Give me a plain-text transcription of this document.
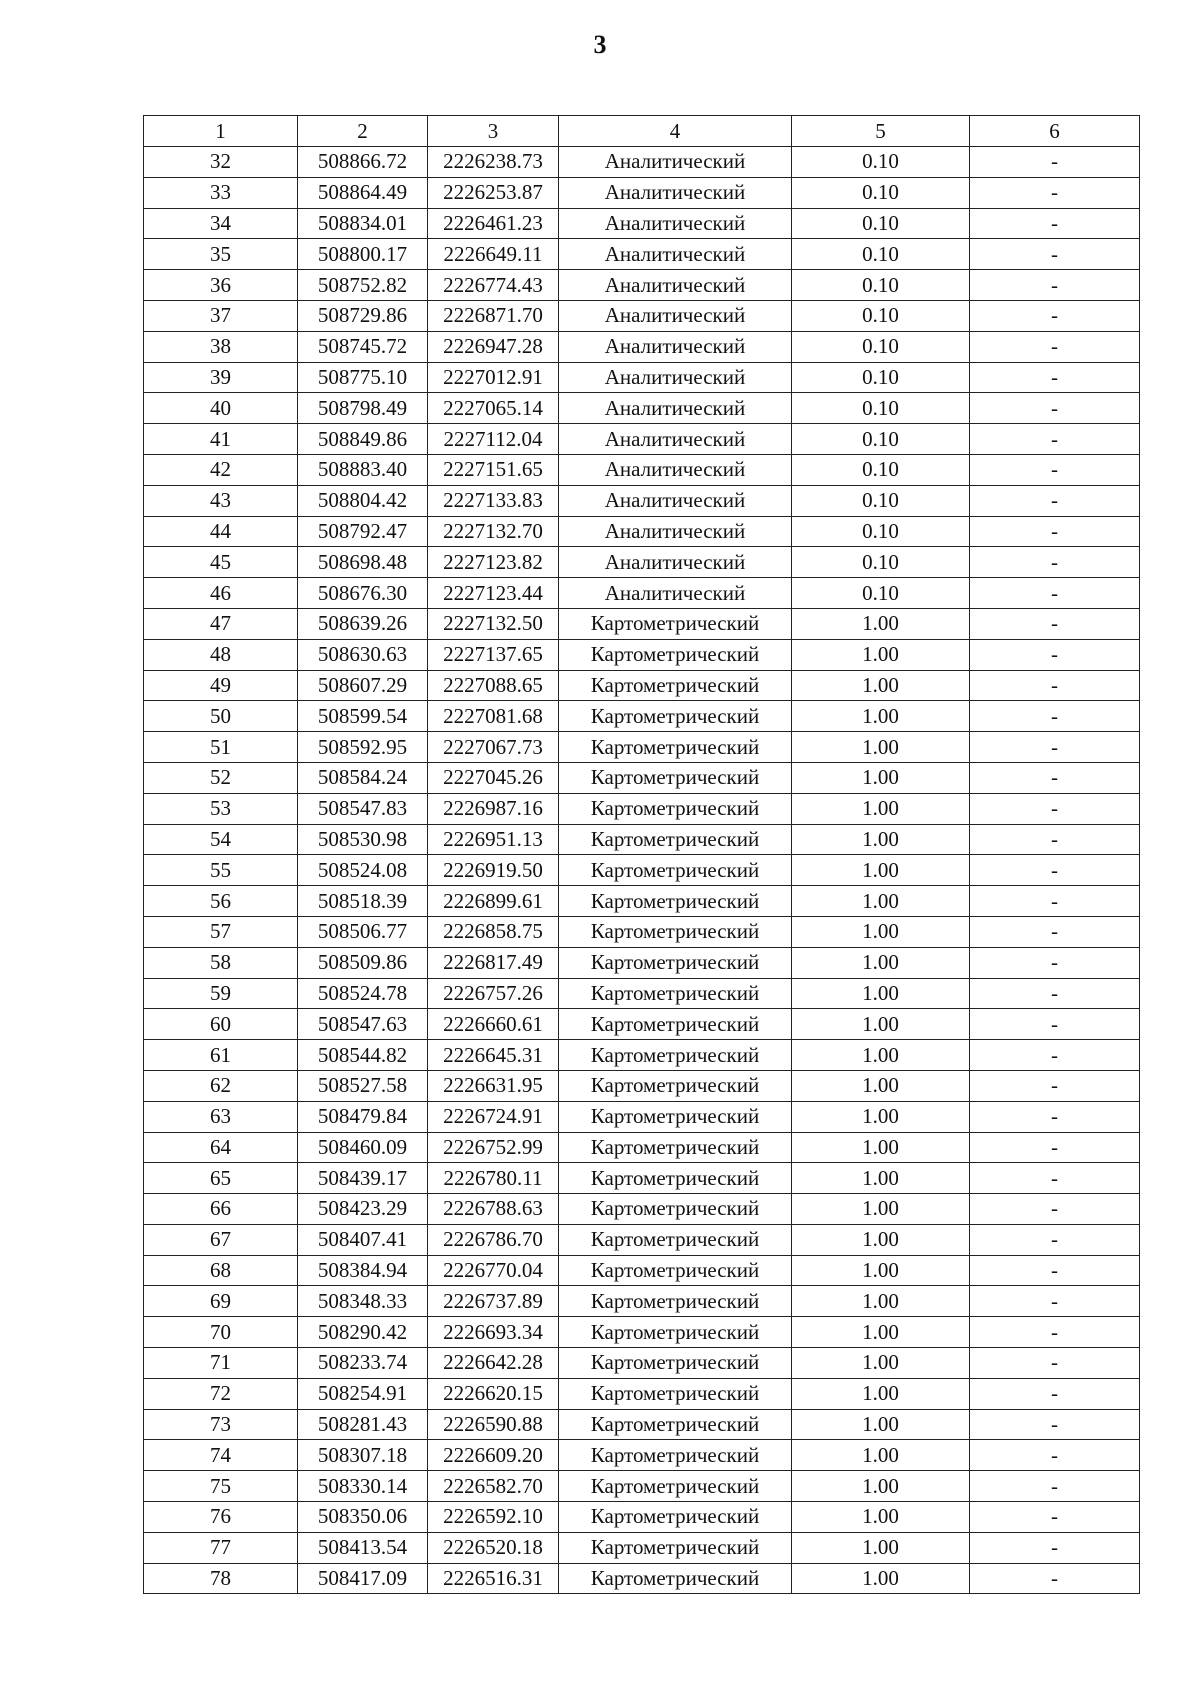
3
1	2	3	4	5	6
32	508866.72	2226238.73	Аналитический	0.10	-
33	508864.49	2226253.87	Аналитический	0.10	-
34	508834.01	2226461.23	Аналитический	0.10	-
35	508800.17	2226649.11	Аналитический	0.10	-
36	508752.82	2226774.43	Аналитический	0.10	-
37	508729.86	2226871.70	Аналитический	0.10	-
38	508745.72	2226947.28	Аналитический	0.10	-
39	508775.10	2227012.91	Аналитический	0.10	-
40	508798.49	2227065.14	Аналитический	0.10	-
41	508849.86	2227112.04	Аналитический	0.10	-
42	508883.40	2227151.65	Аналитический	0.10	-
43	508804.42	2227133.83	Аналитический	0.10	-
44	508792.47	2227132.70	Аналитический	0.10	-
45	508698.48	2227123.82	Аналитический	0.10	-
46	508676.30	2227123.44	Аналитический	0.10	-
47	508639.26	2227132.50	Картометрический	1.00	-
48	508630.63	2227137.65	Картометрический	1.00	-
49	508607.29	2227088.65	Картометрический	1.00	-
50	508599.54	2227081.68	Картометрический	1.00	-
51	508592.95	2227067.73	Картометрический	1.00	-
52	508584.24	2227045.26	Картометрический	1.00	-
53	508547.83	2226987.16	Картометрический	1.00	-
54	508530.98	2226951.13	Картометрический	1.00	-
55	508524.08	2226919.50	Картометрический	1.00	-
56	508518.39	2226899.61	Картометрический	1.00	-
57	508506.77	2226858.75	Картометрический	1.00	-
58	508509.86	2226817.49	Картометрический	1.00	-
59	508524.78	2226757.26	Картометрический	1.00	-
60	508547.63	2226660.61	Картометрический	1.00	-
61	508544.82	2226645.31	Картометрический	1.00	-
62	508527.58	2226631.95	Картометрический	1.00	-
63	508479.84	2226724.91	Картометрический	1.00	-
64	508460.09	2226752.99	Картометрический	1.00	-
65	508439.17	2226780.11	Картометрический	1.00	-
66	508423.29	2226788.63	Картометрический	1.00	-
67	508407.41	2226786.70	Картометрический	1.00	-
68	508384.94	2226770.04	Картометрический	1.00	-
69	508348.33	2226737.89	Картометрический	1.00	-
70	508290.42	2226693.34	Картометрический	1.00	-
71	508233.74	2226642.28	Картометрический	1.00	-
72	508254.91	2226620.15	Картометрический	1.00	-
73	508281.43	2226590.88	Картометрический	1.00	-
74	508307.18	2226609.20	Картометрический	1.00	-
75	508330.14	2226582.70	Картометрический	1.00	-
76	508350.06	2226592.10	Картометрический	1.00	-
77	508413.54	2226520.18	Картометрический	1.00	-
78	508417.09	2226516.31	Картометрический	1.00	-
